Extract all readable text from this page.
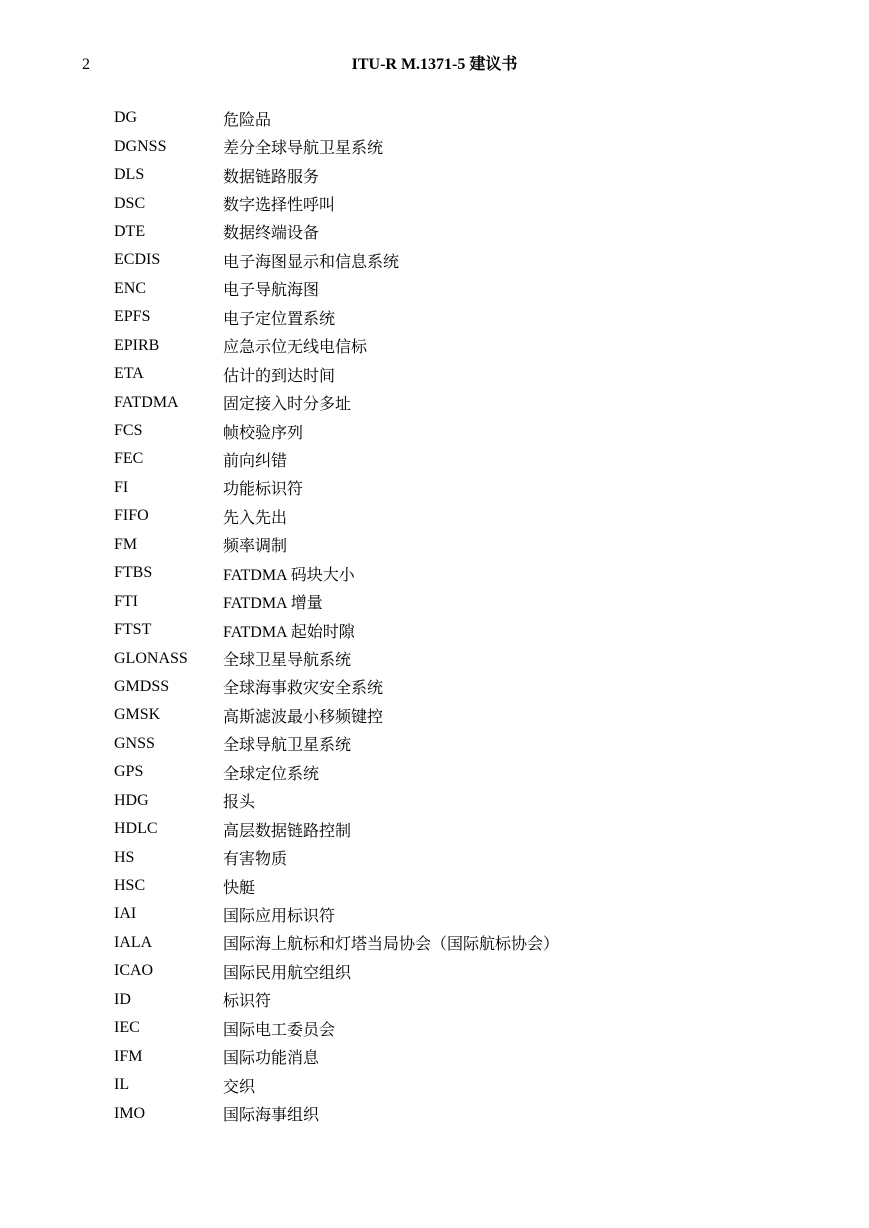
2	ITU-R M.1371-5 建议书
DG	危险品
DGNSS	差分全球导航卫星系统
DLS	数据链路服务
DSC	数字选择性呼叫
DTE	数据终端设备
ECDIS	电子海图显示和信息系统
ENC	电子导航海图
EPFS	电子定位置系统
EPIRB	应急示位无线电信标
ETA	估计的到达时间
FATDMA	固定接入时分多址
FCS	帧校验序列
FEC	前向纠错
FI	功能标识符
FIFO	先入先出
FM	频率调制
FTBS	FATDMA 码块大小
FTI	FATDMA 增量
FTST	FATDMA 起始时隙
GLONASS	全球卫星导航系统
GMDSS	全球海事救灾安全系统
GMSK	高斯滤波最小移频键控
GNSS	全球导航卫星系统
GPS	全球定位系统
HDG	报头
HDLC	高层数据链路控制
HS	有害物质
HSC	快艇
IAI	国际应用标识符
IALA	国际海上航标和灯塔当局协会（国际航标协会）
ICAO	国际民用航空组织
ID	标识符
IEC	国际电工委员会
IFM	国际功能消息
IL	交织
IMO	国际海事组织
